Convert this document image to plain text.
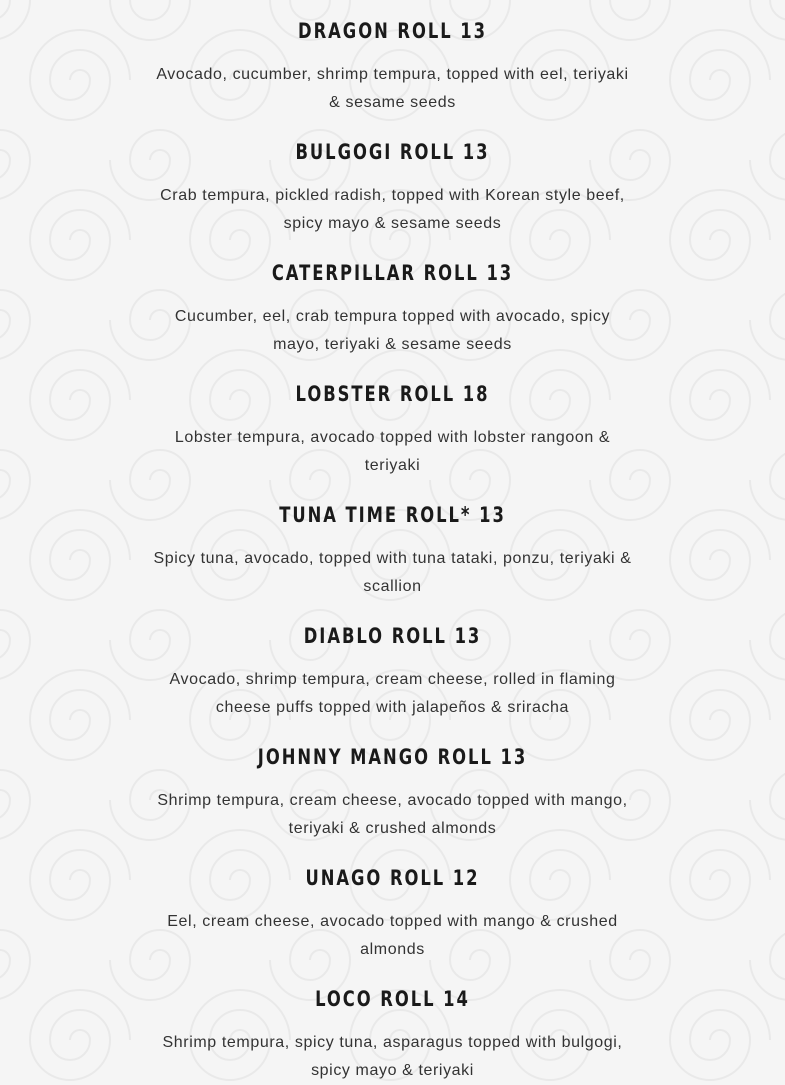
DRAGON ROLL 13
Avocado, cucumber, shrimp tempura, topped with eel, teriyaki & sesame seeds
BULGOGI ROLL 13
Crab tempura, pickled radish, topped with Korean style beef, spicy mayo & sesame seeds
CATERPILLAR ROLL 13
Cucumber, eel, crab tempura topped with avocado, spicy mayo, teriyaki & sesame seeds
LOBSTER ROLL 18
Lobster tempura, avocado topped with lobster rangoon & teriyaki
TUNA TIME ROLL* 13
Spicy tuna, avocado, topped with tuna tataki, ponzu, teriyaki & scallion
DIABLO ROLL 13
Avocado, shrimp tempura, cream cheese, rolled in flaming cheese puffs topped with jalapeños & sriracha
JOHNNY MANGO ROLL 13
Shrimp tempura, cream cheese, avocado topped with mango, teriyaki & crushed almonds
UNAGO ROLL 12
Eel, cream cheese, avocado topped with mango & crushed almonds
LOCO ROLL 14
Shrimp tempura, spicy tuna, asparagus topped with bulgogi, spicy mayo & teriyaki
